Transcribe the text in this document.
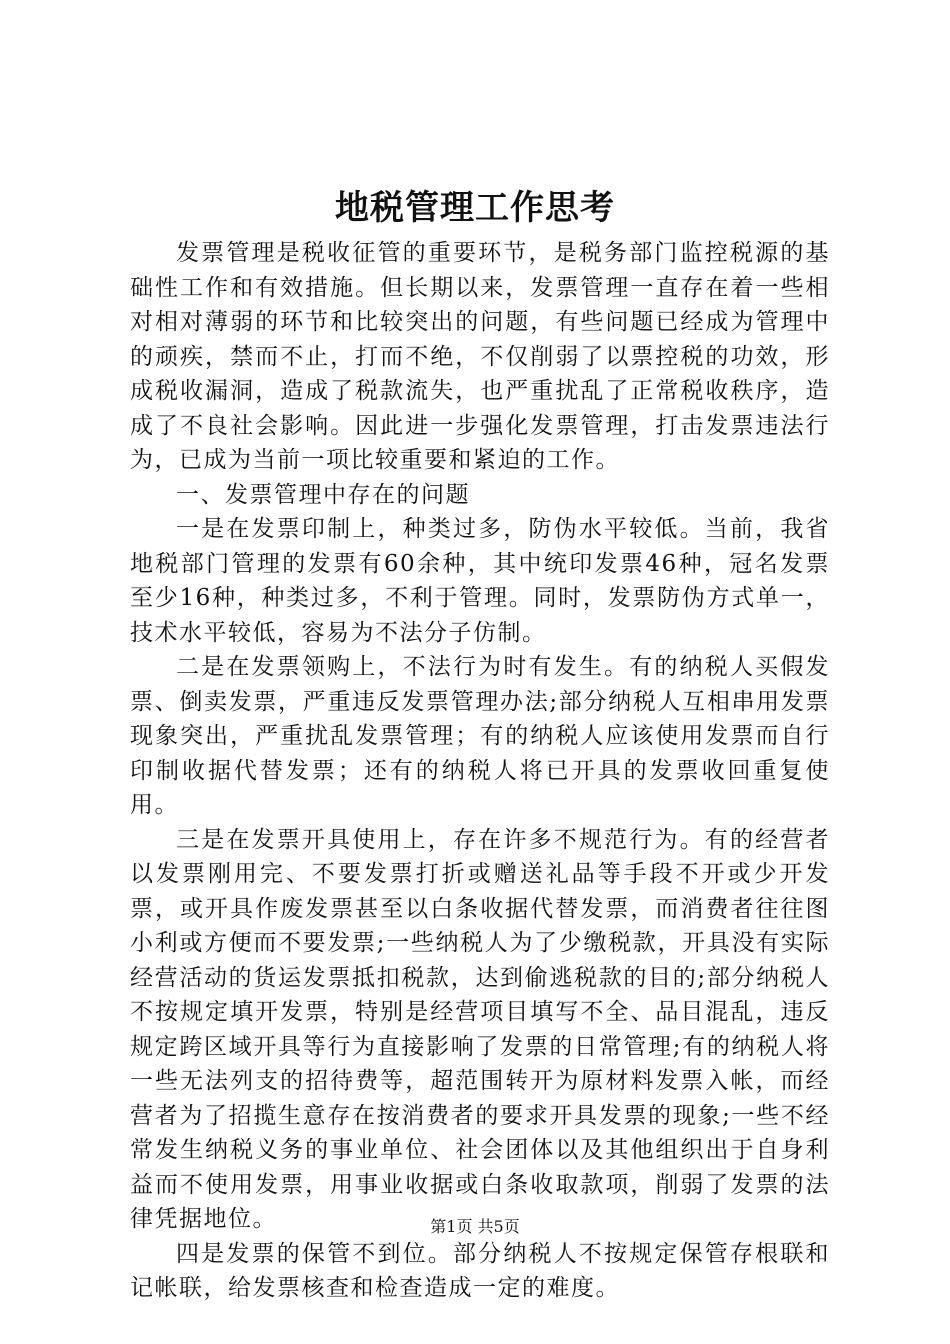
地税管理工作思考

发票管理是税收征管的重要环节，是税务部门监控税源的基础性工作和有效措施。但长期以来，发票管理一直存在着一些相对相对薄弱的环节和比较突出的问题，有些问题已经成为管理中的顽疾，禁而不止，打而不绝，不仅削弱了以票控税的功效，形成税收漏洞，造成了税款流失，也严重扰乱了正常税收秩序，造成了不良社会影响。因此进一步强化发票管理，打击发票违法行为，已成为当前一项比较重要和紧迫的工作。

一、发票管理中存在的问题

一是在发票印制上，种类过多，防伪水平较低。当前，我省地税部门管理的发票有60余种，其中统印发票46种，冠名发票至少16种，种类过多，不利于管理。同时，发票防伪方式单一，技术水平较低，容易为不法分子仿制。

二是在发票领购上，不法行为时有发生。有的纳税人买假发票、倒卖发票，严重违反发票管理办法;部分纳税人互相串用发票现象突出，严重扰乱发票管理；有的纳税人应该使用发票而自行印制收据代替发票；还有的纳税人将已开具的发票收回重复使用。

三是在发票开具使用上，存在许多不规范行为。有的经营者以发票刚用完、不要发票打折或赠送礼品等手段不开或少开发票，或开具作废发票甚至以白条收据代替发票，而消费者往往图小利或方便而不要发票;一些纳税人为了少缴税款，开具没有实际经营活动的货运发票抵扣税款，达到偷逃税款的目的;部分纳税人不按规定填开发票，特别是经营项目填写不全、品目混乱，违反规定跨区域开具等行为直接影响了发票的日常管理;有的纳税人将一些无法列支的招待费等，超范围转开为原材料发票入帐，而经营者为了招揽生意存在按消费者的要求开具发票的现象;一些不经常发生纳税义务的事业单位、社会团体以及其他组织出于自身利益而不使用发票，用事业收据或白条收取款项，削弱了发票的法律凭据地位。

四是发票的保管不到位。部分纳税人不按规定保管存根联和记帐联，给发票核查和检查造成一定的难度。

第1页 共5页
